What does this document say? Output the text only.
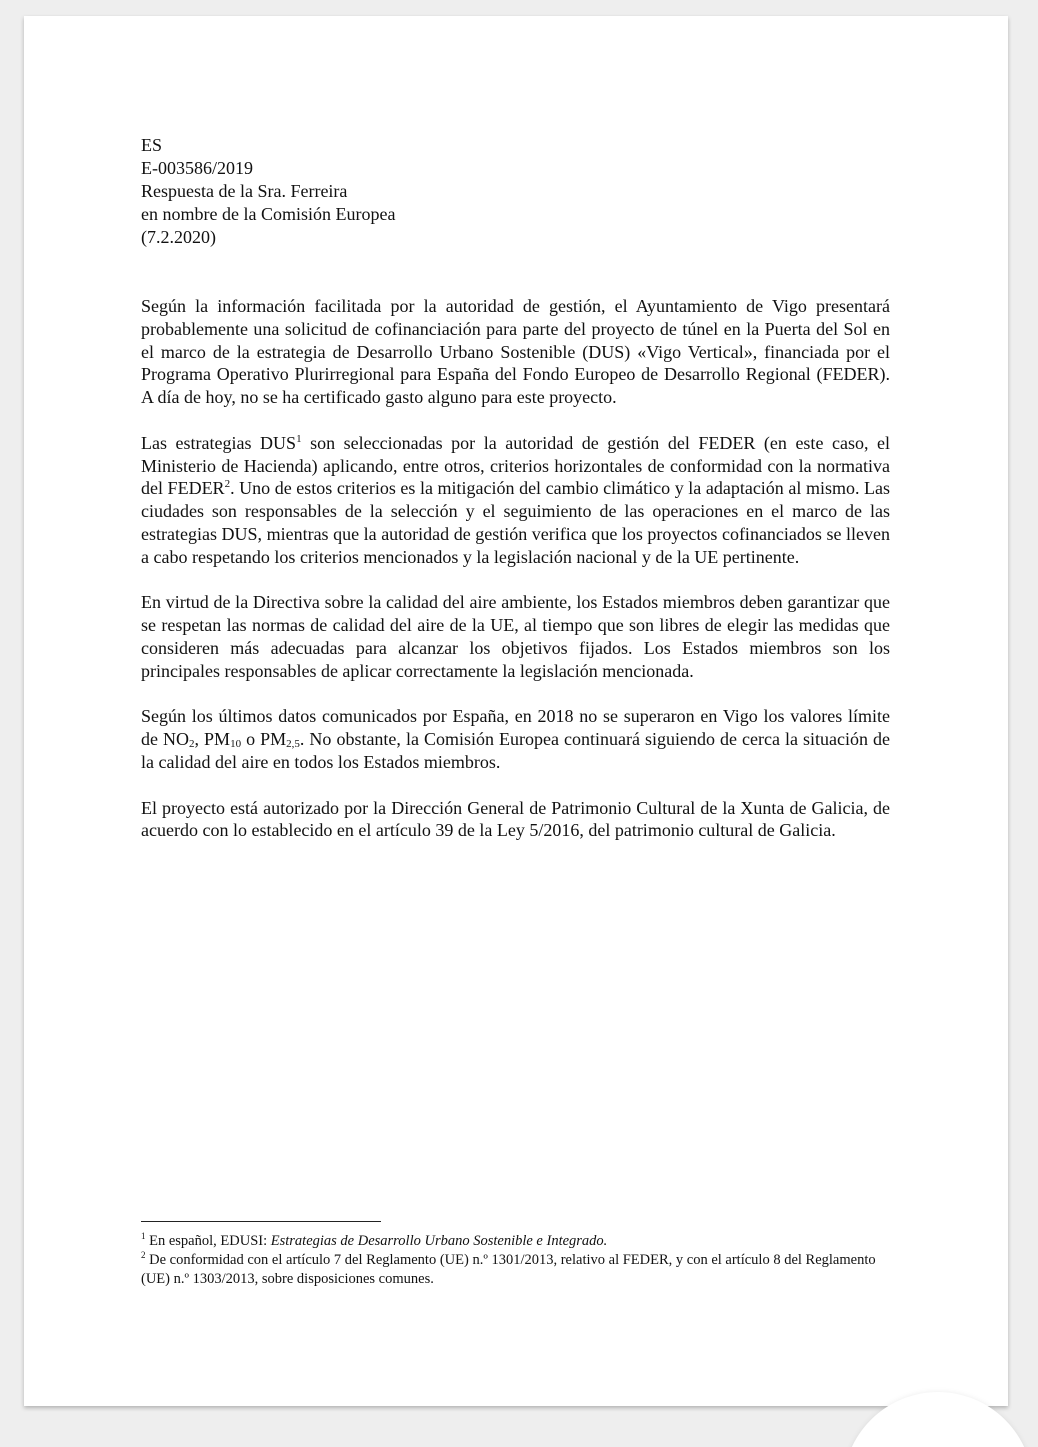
ES
E-003586/2019
Respuesta de la Sra. Ferreira
en nombre de la Comisión Europea
(7.2.2020)

Según la información facilitada por la autoridad de gestión, el Ayuntamiento de Vigo presentará probablemente una solicitud de cofinanciación para parte del proyecto de túnel en la Puerta del Sol en el marco de la estrategia de Desarrollo Urbano Sostenible (DUS) «Vigo Vertical», financiada por el Programa Operativo Plurirregional para España del Fondo Europeo de Desarrollo Regional (FEDER). A día de hoy, no se ha certificado gasto alguno para este proyecto.

Las estrategias DUS$^1$ son seleccionadas por la autoridad de gestión del FEDER (en este caso, el Ministerio de Hacienda) aplicando, entre otros, criterios horizontales de conformidad con la normativa del FEDER$^2$. Uno de estos criterios es la mitigación del cambio climático y la adaptación al mismo. Las ciudades son responsables de la selección y el seguimiento de las operaciones en el marco de las estrategias DUS, mientras que la autoridad de gestión verifica que los proyectos cofinanciados se lleven a cabo respetando los criterios mencionados y la legislación nacional y de la UE pertinente.

En virtud de la Directiva sobre la calidad del aire ambiente, los Estados miembros deben garantizar que se respetan las normas de calidad del aire de la UE, al tiempo que son libres de elegir las medidas que consideren más adecuadas para alcanzar los objetivos fijados. Los Estados miembros son los principales responsables de aplicar correctamente la legislación mencionada.

Según los últimos datos comunicados por España, en 2018 no se superaron en Vigo los valores límite de $NO_2$, $PM_{10}$ o $PM_{2,5}$. No obstante, la Comisión Europea continuará siguiendo de cerca la situación de la calidad del aire en todos los Estados miembros.

El proyecto está autorizado por la Dirección General de Patrimonio Cultural de la Xunta de Galicia, de acuerdo con lo establecido en el artículo 39 de la Ley 5/2016, del patrimonio cultural de Galicia.

$^1$ En español, EDUSI: Estrategias de Desarrollo Urbano Sostenible e Integrado.
$^2$ De conformidad con el artículo 7 del Reglamento (UE) n.º 1301/2013, relativo al FEDER, y con el artículo 8 del Reglamento (UE) n.º 1303/2013, sobre disposiciones comunes.
